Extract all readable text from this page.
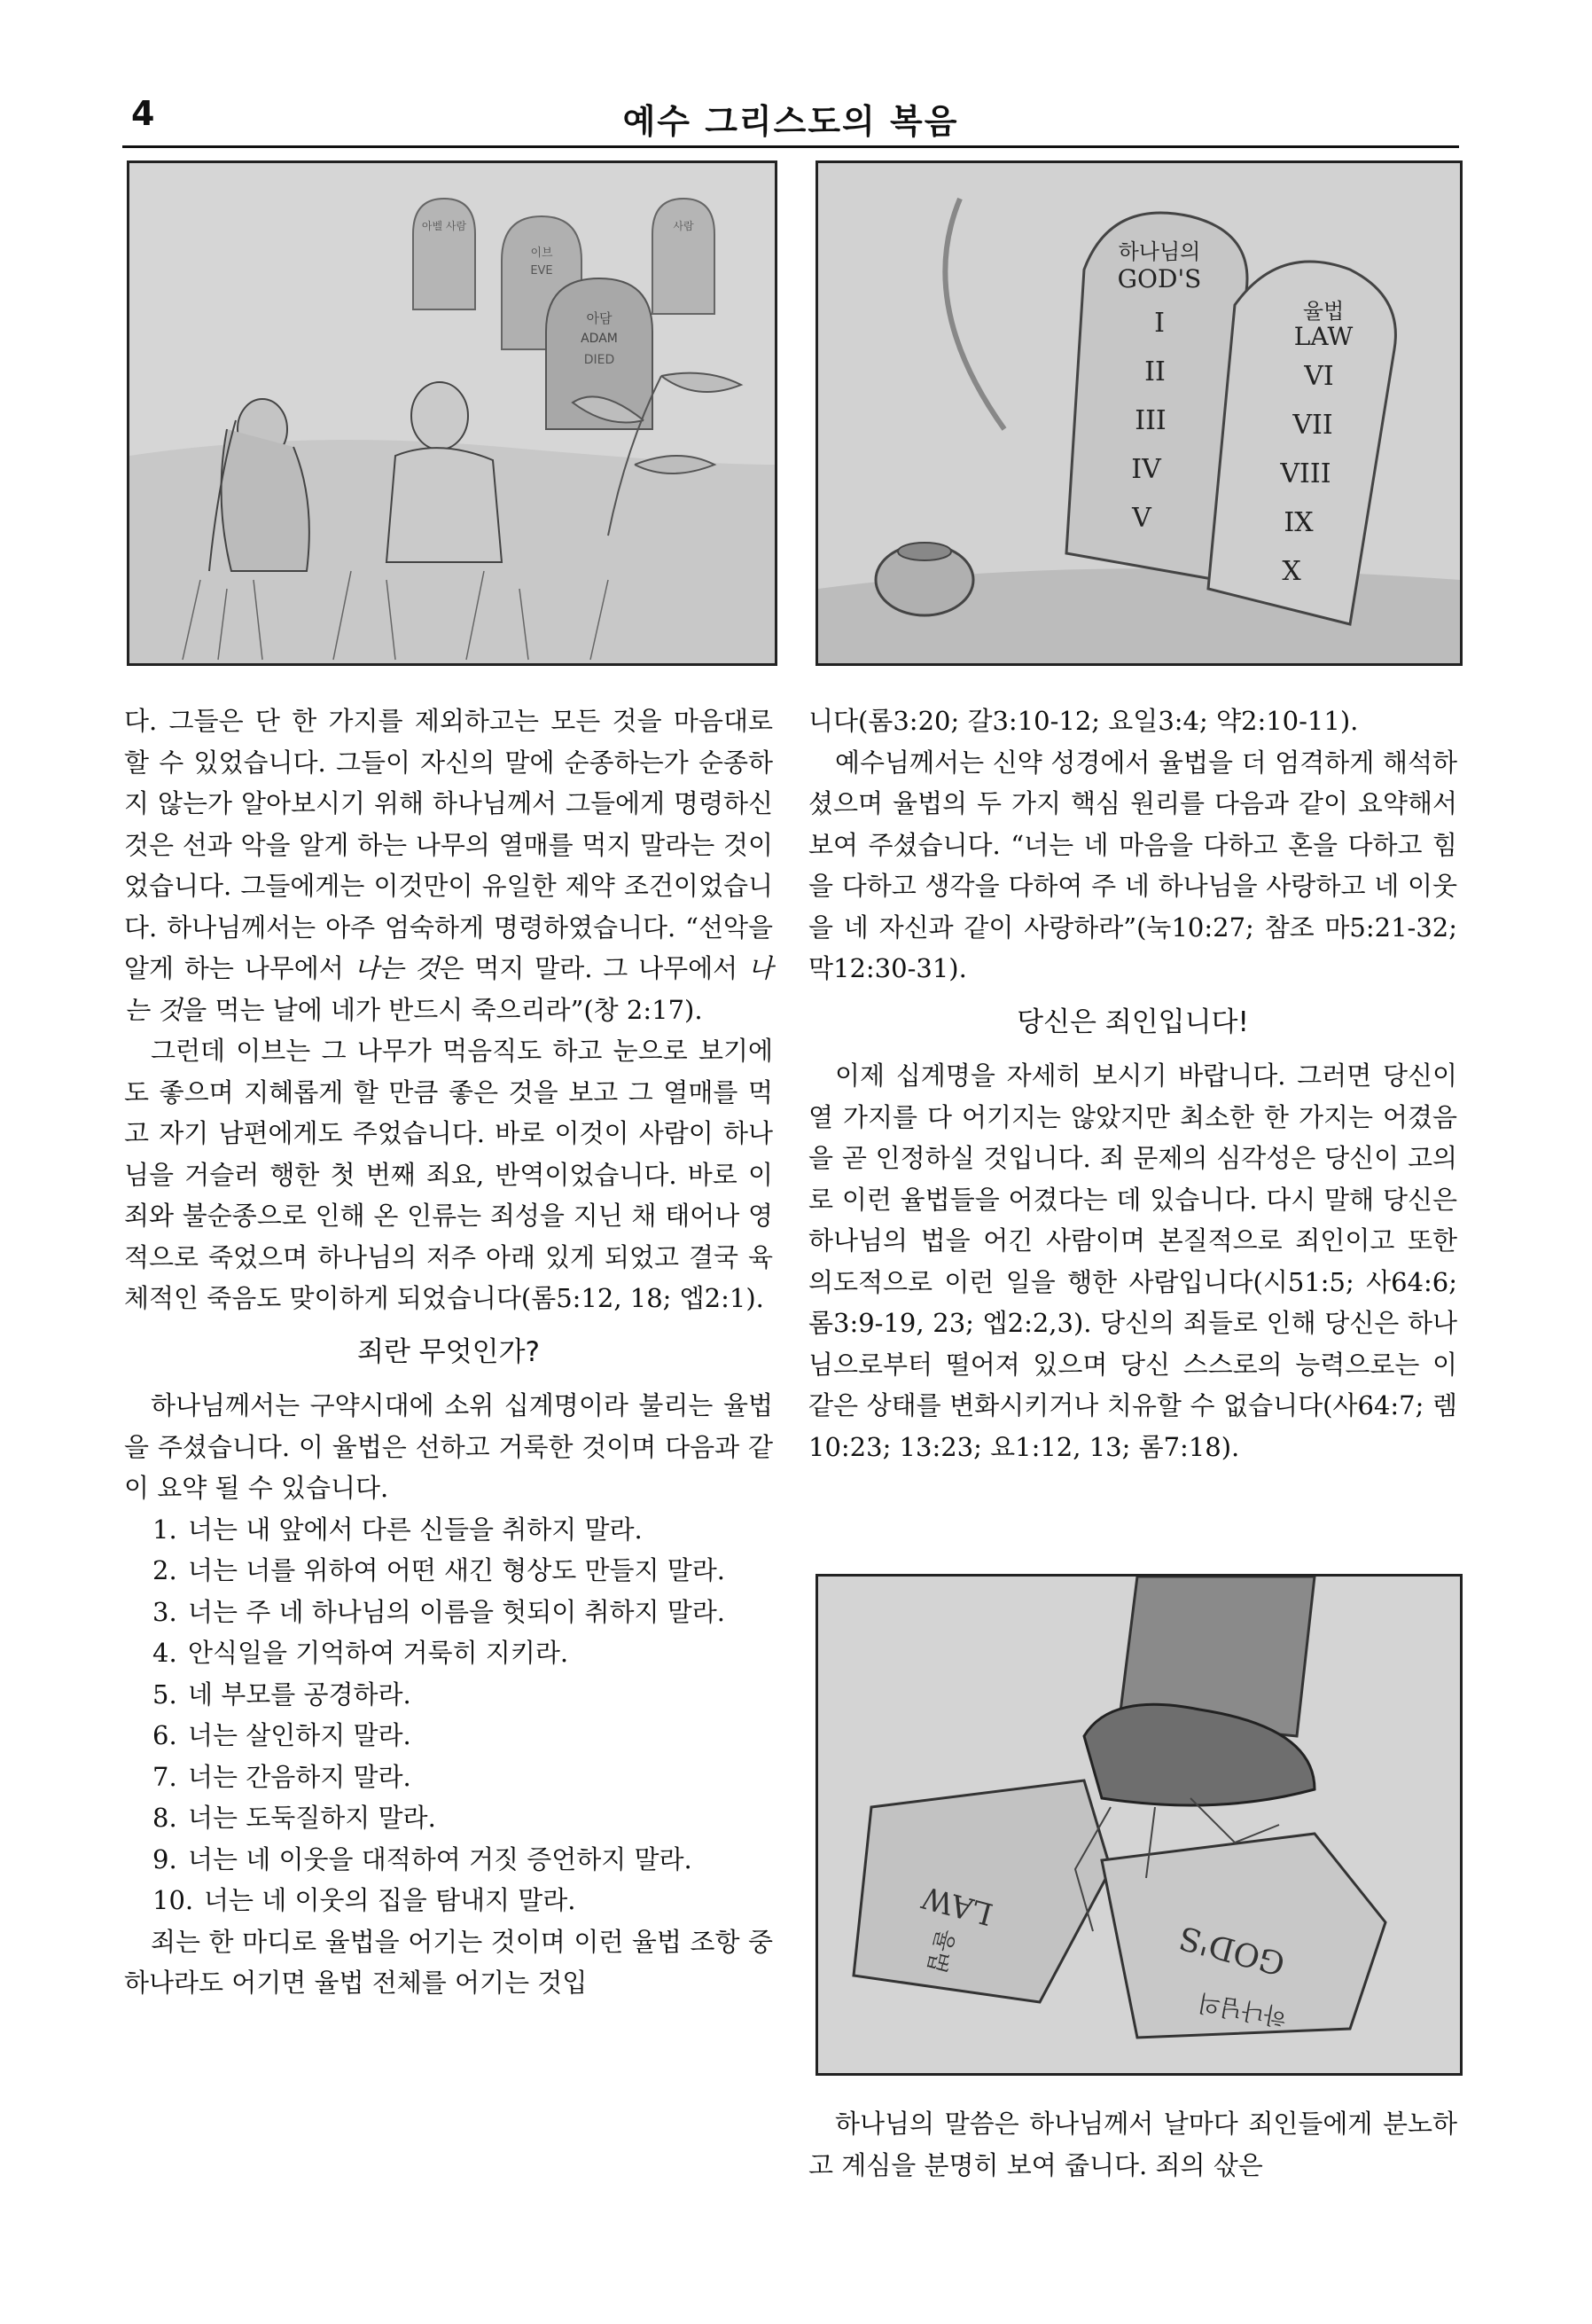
4	예수 그리스도의 복음
아벨 사람
이브
EVE
사람
아담
ADAM
DIED
하나님의
GOD'S
I
II
III
IV
V
율법
LAW
VI
VII
VIII
IX
X

다. 그들은 단 한 가지를 제외하고는 모든 것을 마음대로 할 수 있었습니다. 그들이 자신의 말에 순종하는가 순종하지 않는가 알아보시기 위해 하나님께서 그들에게 명령하신 것은 선과 악을 알게 하는 나무의 열매를 먹지 말라는 것이었습니다. 그들에게는 이것만이 유일한 제약 조건이었습니다. 하나님께서는 아주 엄숙하게 명령하였습니다. “선악을 알게 하는 나무에서 나는 것은 먹지 말라. 그 나무에서 나는 것을 먹는 날에 네가 반드시 죽으리라”(창 2:17).

그런데 이브는 그 나무가 먹음직도 하고 눈으로 보기에도 좋으며 지혜롭게 할 만큼 좋은 것을 보고 그 열매를 먹고 자기 남편에게도 주었습니다. 바로 이것이 사람이 하나님을 거슬러 행한 첫 번째 죄요, 반역이었습니다. 바로 이 죄와 불순종으로 인해 온 인류는 죄성을 지닌 채 태어나 영적으로 죽었으며 하나님의 저주 아래 있게 되었고 결국 육체적인 죽음도 맞이하게 되었습니다(롬5:12, 18; 엡2:1).

죄란 무엇인가?

하나님께서는 구약시대에 소위 십계명이라 불리는 율법을 주셨습니다. 이 율법은 선하고 거룩한 것이며 다음과 같이 요약 될 수 있습니다.

1. 너는 내 앞에서 다른 신들을 취하지 말라.
2. 너는 너를 위하여 어떤 새긴 형상도 만들지 말라.
3. 너는 주 네 하나님의 이름을 헛되이 취하지 말라.
4. 안식일을 기억하여 거룩히 지키라.
5. 네 부모를 공경하라.
6. 너는 살인하지 말라.
7. 너는 간음하지 말라.
8. 너는 도둑질하지 말라.
9. 너는 네 이웃을 대적하여 거짓 증언하지 말라.
10. 너는 네 이웃의 집을 탐내지 말라.

죄는 한 마디로 율법을 어기는 것이며 이런 율법 조항 중 하나라도 어기면 율법 전체를 어기는 것입

니다(롬3:20; 갈3:10-12; 요일3:4; 약2:10-11).

예수님께서는 신약 성경에서 율법을 더 엄격하게 해석하셨으며 율법의 두 가지 핵심 원리를 다음과 같이 요약해서 보여 주셨습니다. “너는 네 마음을 다하고 혼을 다하고 힘을 다하고 생각을 다하여 주 네 하나님을 사랑하고 네 이웃을 네 자신과 같이 사랑하라”(눅10:27; 참조 마5:21-32; 막12:30-31).

당신은 죄인입니다!

이제 십계명을 자세히 보시기 바랍니다. 그러면 당신이 열 가지를 다 어기지는 않았지만 최소한 한 가지는 어겼음을 곧 인정하실 것입니다. 죄 문제의 심각성은 당신이 고의로 이런 율법들을 어겼다는 데 있습니다. 다시 말해 당신은 하나님의 법을 어긴 사람이며 본질적으로 죄인이고 또한 의도적으로 이런 일을 행한 사람입니다(시51:5; 사64:6; 롬3:9-19, 23; 엡2:2,3). 당신의 죄들로 인해 당신은 하나님으로부터 떨어져 있으며 당신 스스로의 능력으로는 이 같은 상태를 변화시키거나 치유할 수 없습니다(사64:7; 렘10:23; 13:23; 요1:12, 13; 롬7:18).

LAW
율법	GOD'S
하나님의

하나님의 말씀은 하나님께서 날마다 죄인들에게 분노하고 계심을 분명히 보여 줍니다. 죄의 삯은
